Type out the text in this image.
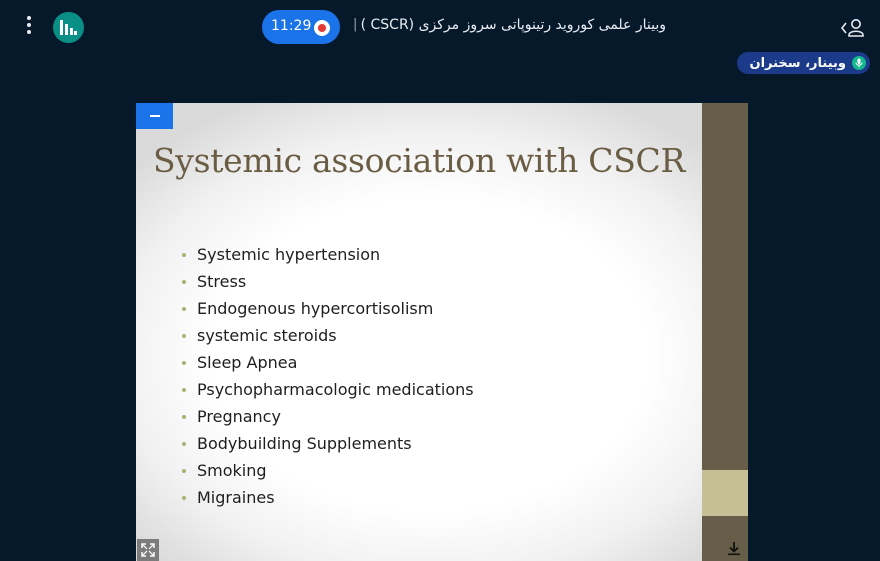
11:29	| وبینار علمی کوروید رتینوپاتی سروز مرکزی (CSCR )
وبینار، سخنران
Systemic association with CSCR
Systemic hypertension
Stress
Endogenous hypercortisolism
systemic steroids
Sleep Apnea
Psychopharmacologic medications
Pregnancy
Bodybuilding Supplements
Smoking
Migraines
